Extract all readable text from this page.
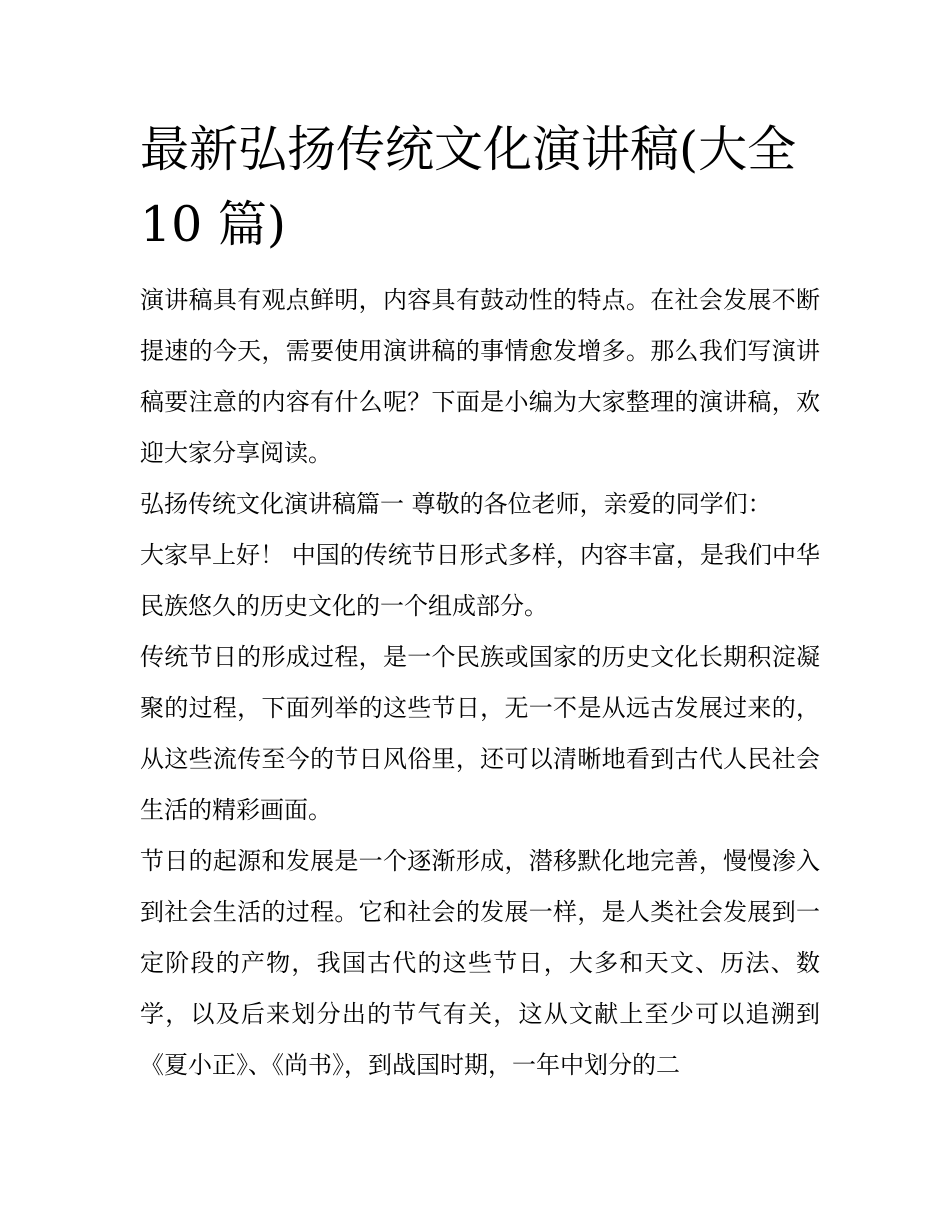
最新弘扬传统文化演讲稿(大全 10 篇)

演讲稿具有观点鲜明，内容具有鼓动性的特点。在社会发展不断提速的今天，需要使用演讲稿的事情愈发增多。那么我们写演讲稿要注意的内容有什么呢？下面是小编为大家整理的演讲稿，欢迎大家分享阅读。

弘扬传统文化演讲稿篇一 尊敬的各位老师，亲爱的同学们：

大家早上好！ 中国的传统节日形式多样，内容丰富，是我们中华民族悠久的历史文化的一个组成部分。

传统节日的形成过程，是一个民族或国家的历史文化长期积淀凝聚的过程，下面列举的这些节日，无一不是从远古发展过来的，从这些流传至今的节日风俗里，还可以清晰地看到古代人民社会生活的精彩画面。

节日的起源和发展是一个逐渐形成，潜移默化地完善，慢慢渗入到社会生活的过程。它和社会的发展一样，是人类社会发展到一定阶段的产物，我国古代的这些节日，大多和天文、历法、数学，以及后来划分出的节气有关，这从文献上至少可以追溯到《夏小正》、《尚书》，到战国时期，一年中划分的二
